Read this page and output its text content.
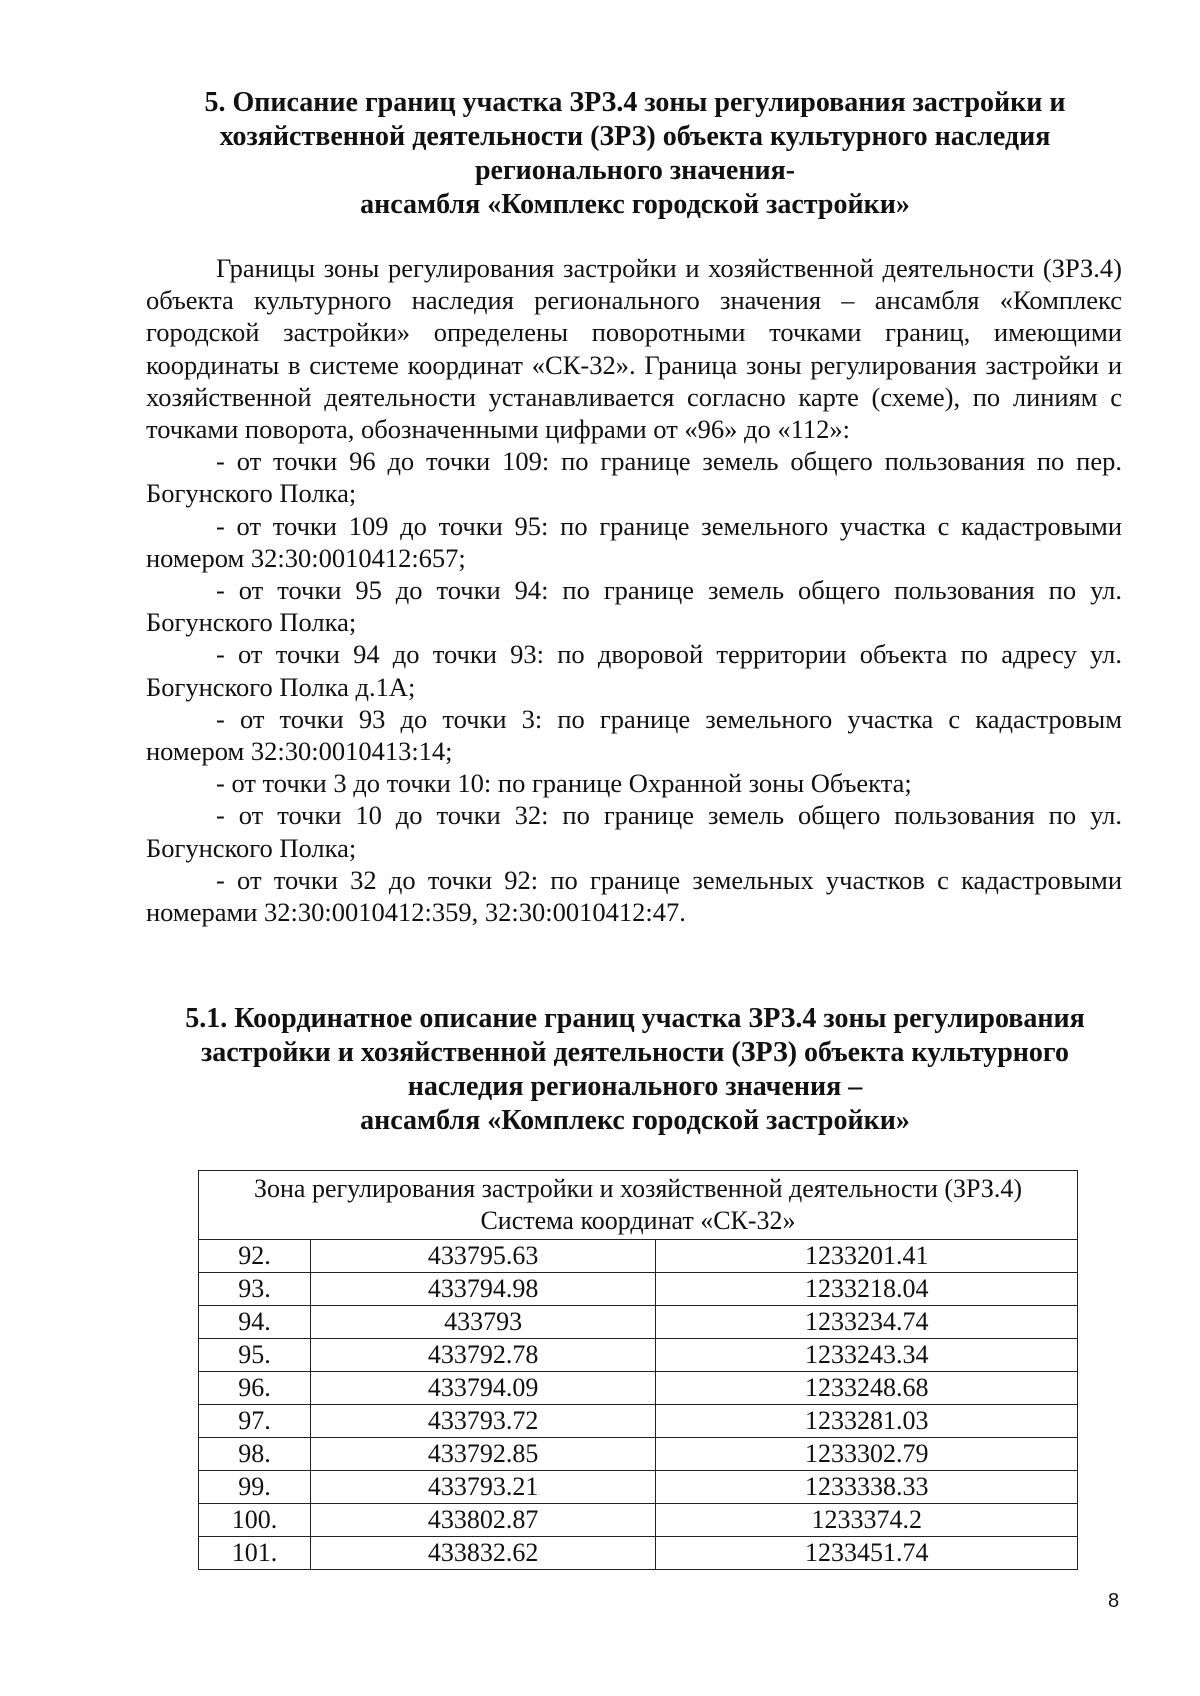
5. Описание границ участка ЗРЗ.4 зоны регулирования застройки и
хозяйственной деятельности (ЗРЗ) объекта культурного наследия
регионального значения-
ансамбля «Комплекс городской застройки»

Границы зоны регулирования застройки и хозяйственной деятельности (ЗРЗ.4) объекта культурного наследия регионального значения – ансамбля «Комплекс городской застройки» определены поворотными точками границ, имеющими координаты в системе координат «СК-32». Граница зоны регулирования застройки и хозяйственной деятельности устанавливается согласно карте (схеме), по линиям с точками поворота, обозначенными цифрами от «96» до «112»:

- от точки 96 до точки 109: по границе земель общего пользования по пер. Богунского Полка;

- от точки 109 до точки 95: по границе земельного участка с кадастровыми номером 32:30:0010412:657;

- от точки 95 до точки 94: по границе земель общего пользования по ул. Богунского Полка;

- от точки 94 до точки 93: по дворовой территории объекта по адресу ул. Богунского Полка д.1А;

- от точки 93 до точки 3: по границе земельного участка с кадастровым номером 32:30:0010413:14;

- от точки 3 до точки 10: по границе Охранной зоны Объекта;

- от точки 10 до точки 32: по границе земель общего пользования по ул. Богунского Полка;

- от точки 32 до точки 92: по границе земельных участков с кадастровыми номерами 32:30:0010412:359, 32:30:0010412:47.

5.1. Координатное описание границ участка ЗРЗ.4 зоны регулирования
застройки и хозяйственной деятельности (ЗРЗ) объекта культурного
наследия регионального значения –
ансамбля «Комплекс городской застройки»
Зона регулирования застройки и хозяйственной деятельности (ЗРЗ.4)
Система координат «СК-32»		

92.	433795.63	1233201.41
93.	433794.98	1233218.04
94.	433793	1233234.74
95.	433792.78	1233243.34
96.	433794.09	1233248.68
97.	433793.72	1233281.03
98.	433792.85	1233302.79
99.	433793.21	1233338.33
100.	433802.87	1233374.2
101.	433832.62	1233451.74
8
